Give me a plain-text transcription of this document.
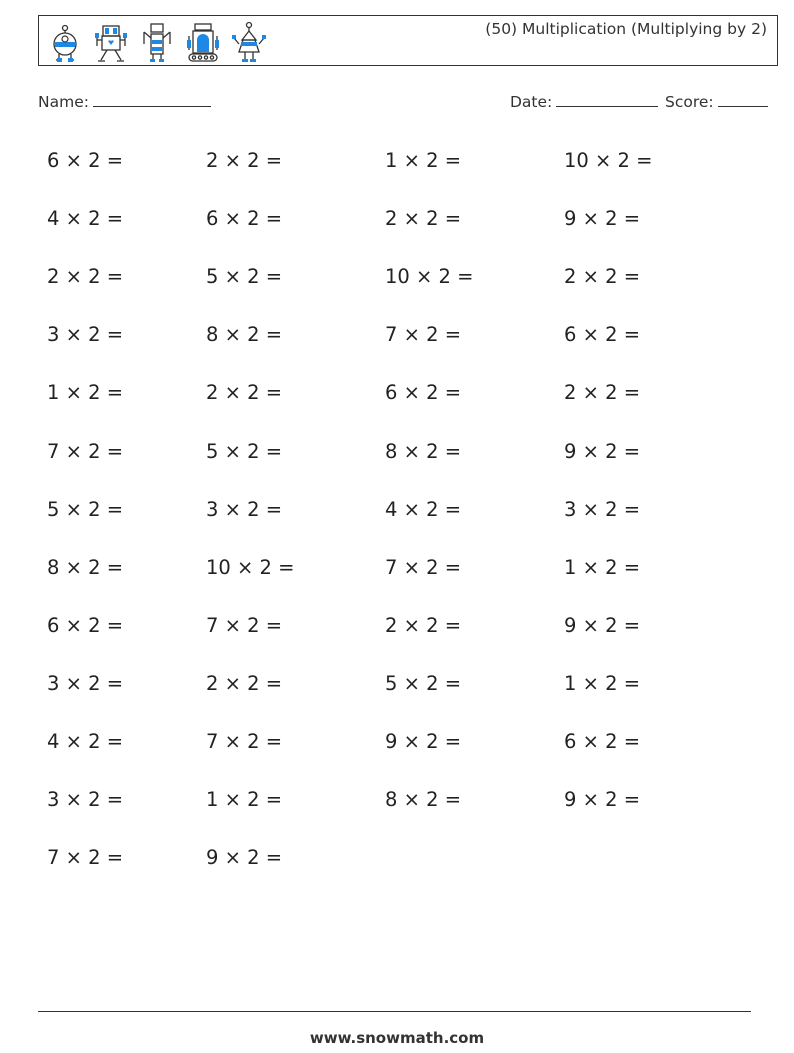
(50) Multiplication (Multiplying by 2)
Name:	Date:	Score:
6 × 2 =	2 × 2 =	1 × 2 =	10 × 2 =
4 × 2 =	6 × 2 =	2 × 2 =	9 × 2 =
2 × 2 =	5 × 2 =	10 × 2 =	2 × 2 =
3 × 2 =	8 × 2 =	7 × 2 =	6 × 2 =
1 × 2 =	2 × 2 =	6 × 2 =	2 × 2 =
7 × 2 =	5 × 2 =	8 × 2 =	9 × 2 =
5 × 2 =	3 × 2 =	4 × 2 =	3 × 2 =
8 × 2 =	10 × 2 =	7 × 2 =	1 × 2 =
6 × 2 =	7 × 2 =	2 × 2 =	9 × 2 =
3 × 2 =	2 × 2 =	5 × 2 =	1 × 2 =
4 × 2 =	7 × 2 =	9 × 2 =	6 × 2 =
3 × 2 =	1 × 2 =	8 × 2 =	9 × 2 =
7 × 2 =	9 × 2 =
www.snowmath.com
